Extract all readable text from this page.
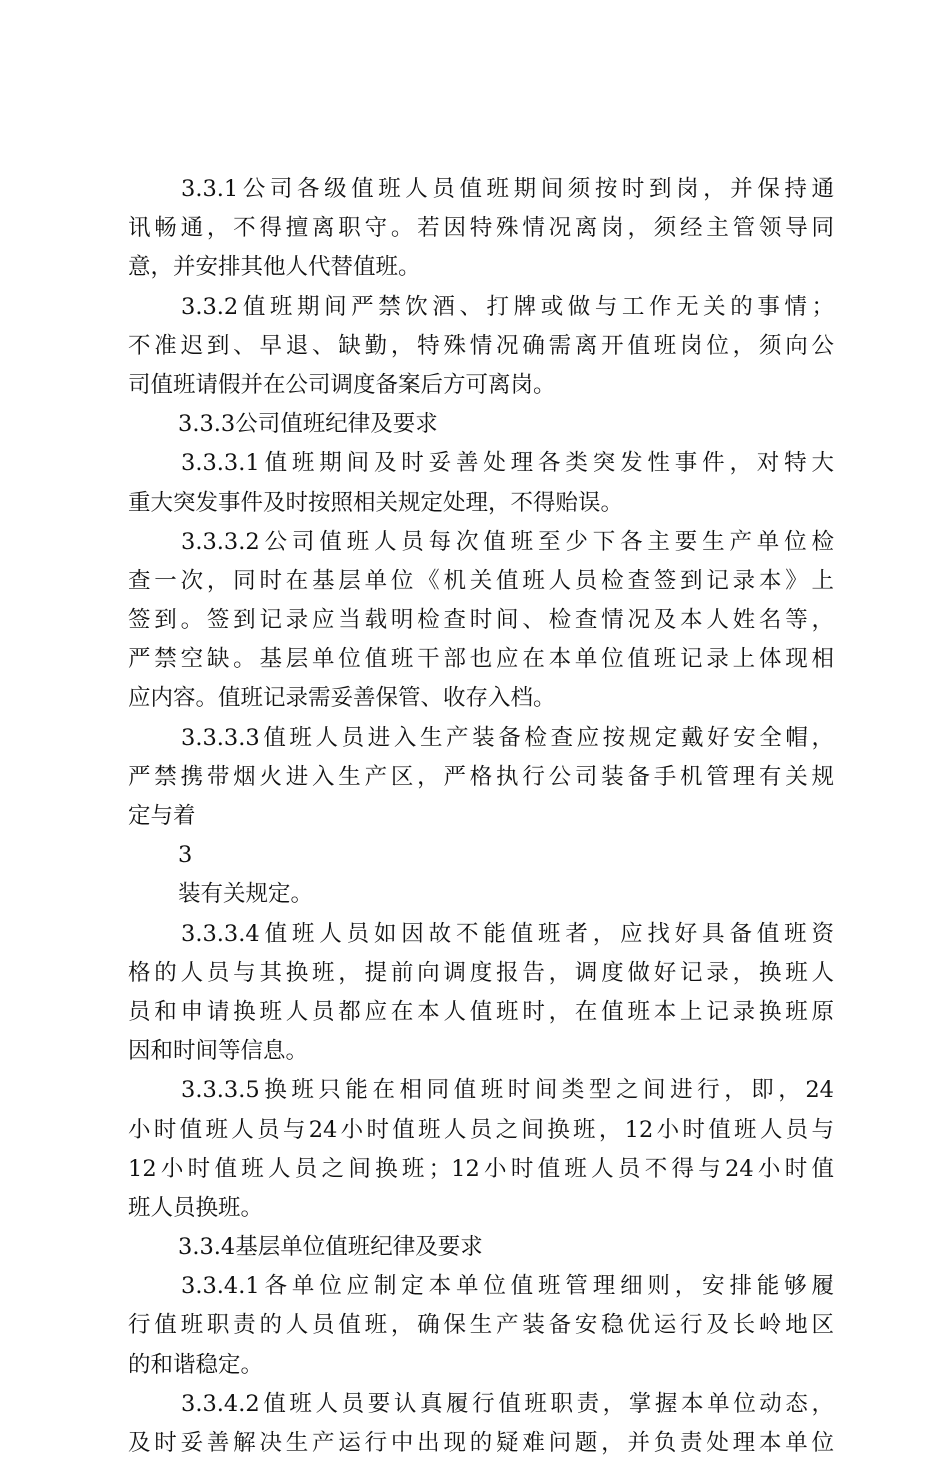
3.3.1公司各级值班人员值班期间须按时到岗，并保持通
讯畅通，不得擅离职守。若因特殊情况离岗，须经主管领导同
意，并安排其他人代替值班。
3.3.2值班期间严禁饮酒、打牌或做与工作无关的事情；
不准迟到、早退、缺勤，特殊情况确需离开值班岗位，须向公
司值班请假并在公司调度备案后方可离岗。
3.3.3公司值班纪律及要求
3.3.3.1值班期间及时妥善处理各类突发性事件，对特大
重大突发事件及时按照相关规定处理，不得贻误。
3.3.3.2公司值班人员每次值班至少下各主要生产单位检
查一次，同时在基层单位《机关值班人员检查签到记录本》上
签到。签到记录应当载明检查时间、检查情况及本人姓名等，
严禁空缺。基层单位值班干部也应在本单位值班记录上体现相
应内容。值班记录需妥善保管、收存入档。
3.3.3.3值班人员进入生产装备检查应按规定戴好安全帽，
严禁携带烟火进入生产区，严格执行公司装备手机管理有关规
定与着
3
装有关规定。
3.3.3.4值班人员如因故不能值班者，应找好具备值班资
格的人员与其换班，提前向调度报告，调度做好记录，换班人
员和申请换班人员都应在本人值班时，在值班本上记录换班原
因和时间等信息。
3.3.3.5换班只能在相同值班时间类型之间进行，即，24
小时值班人员与24小时值班人员之间换班，12小时值班人员与
12小时值班人员之间换班；12小时值班人员不得与24小时值
班人员换班。
3.3.4基层单位值班纪律及要求
3.3.4.1各单位应制定本单位值班管理细则，安排能够履
行值班职责的人员值班，确保生产装备安稳优运行及长岭地区
的和谐稳定。
3.3.4.2值班人员要认真履行值班职责，掌握本单位动态，
及时妥善解决生产运行中出现的疑难问题，并负责处理本单位
